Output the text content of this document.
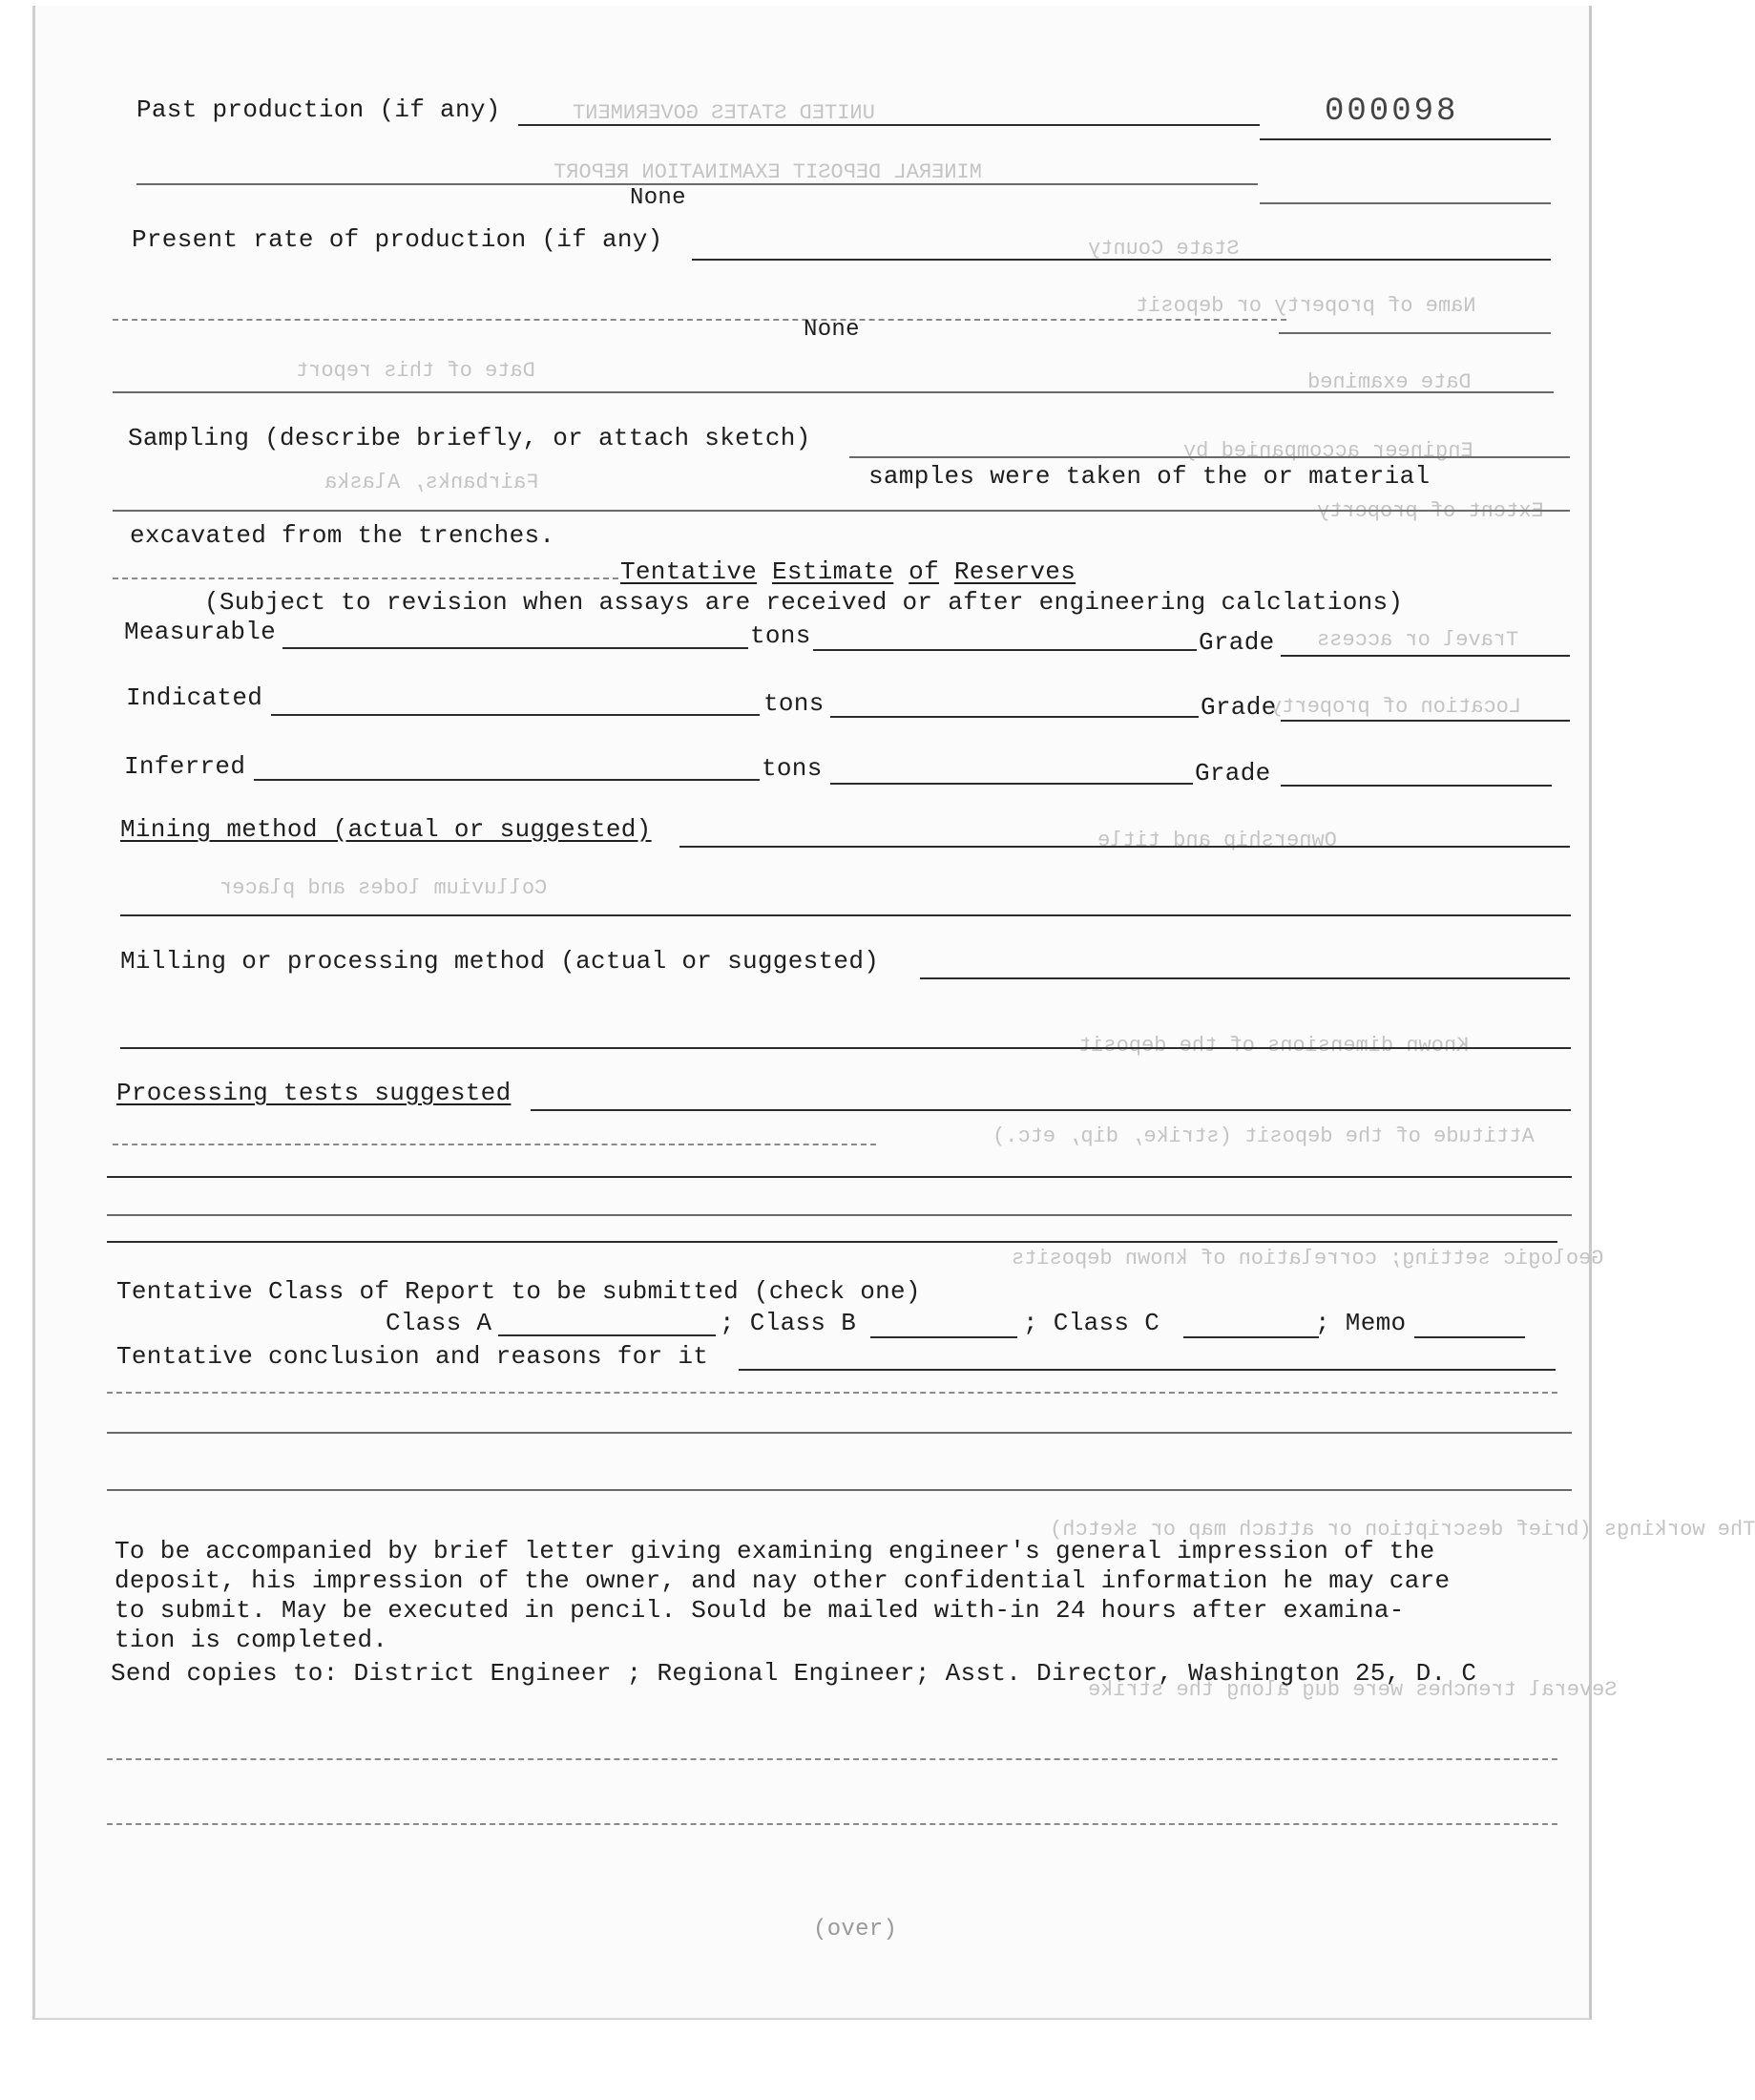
UNITED STATES GOVERNMENT
MINERAL DEPOSIT EXAMINATION REPORT
State County
Name of property or deposit
Date of this report	Date examined
Engineer accompanied by
Fairbanks, Alaska
Extent of property
Travel or access
Location of property
Ownership and title
Colluvium lodes and placer
Known dimensions of the deposit
Attitude of the deposit (strike, dip, etc.)
Geologic setting; correlation of known deposits
The workings (brief description or attach map or sketch)
Several trenches were dug along the strike
000098
Past production (if any)
None
Present rate of production (if any)
None
Sampling (describe briefly, or attach sketch)
samples were taken of the or material
excavated from the trenches.
Tentative Estimate of Reserves
(Subject to revision when assays are received or after engineering calclations)
Measurable	tons	Grade
Indicated	tons	Grade
Inferred	tons	Grade
Mining method (actual or suggested)
Milling or processing method (actual or suggested)
Processing tests suggested
Tentative Class of Report to be submitted (check one)
Class A	; Class B	; Class C	; Memo
Tentative conclusion and reasons for it
To be accompanied by brief letter giving examining engineer's general impression of the
deposit, his impression of the owner, and nay other confidential information he may care
to submit. May be executed in pencil. Sould be mailed with-in 24 hours after examina-
tion is completed.
Send copies to: District Engineer ; Regional Engineer; Asst. Director, Washington 25, D. C
(over)
